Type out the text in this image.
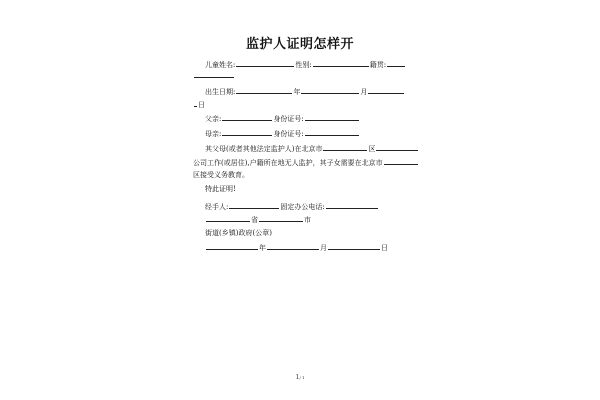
监护人证明怎样开
儿童姓名:	性别:	籍贯:
出生日期:	年	月
日
父亲:	身份证号:
母亲:	身份证号:
其父母(或者其他法定监护人)在北京市	区
公司工作(或居住),户籍所在地无人监护，其子女需要在北京市
区接受义务教育。
特此证明!
经手人:	固定办公电话:
省	市
街道(乡镇)政府(公章)
年	月	日
1/ 1
